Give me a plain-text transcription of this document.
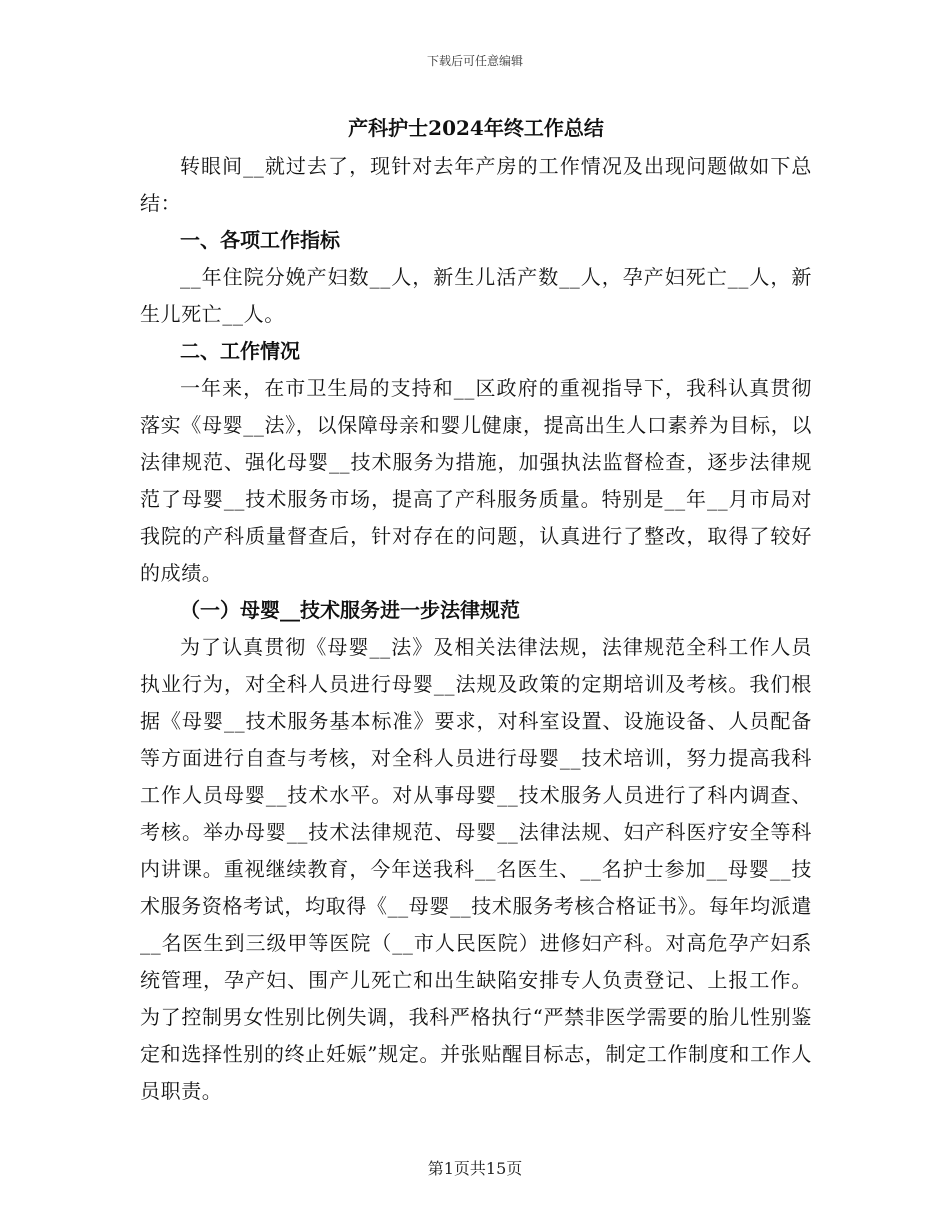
下载后可任意编辑
产科护士2024年终工作总结

转眼间__就过去了，现针对去年产房的工作情况及出现问题做如下总结：

一、各项工作指标

__年住院分娩产妇数__人，新生儿活产数__人，孕产妇死亡__人，新生儿死亡__人。

二、工作情况

一年来，在市卫生局的支持和__区政府的重视指导下，我科认真贯彻落实《母婴__法》，以保障母亲和婴儿健康，提高出生人口素养为目标，以法律规范、强化母婴__技术服务为措施，加强执法监督检查，逐步法律规范了母婴__技术服务市场，提高了产科服务质量。特别是__年__月市局对我院的产科质量督查后，针对存在的问题，认真进行了整改，取得了较好的成绩。

（一）母婴__技术服务进一步法律规范

为了认真贯彻《母婴__法》及相关法律法规，法律规范全科工作人员执业行为，对全科人员进行母婴__法规及政策的定期培训及考核。我们根据《母婴__技术服务基本标准》要求，对科室设置、设施设备、人员配备等方面进行自查与考核，对全科人员进行母婴__技术培训，努力提高我科工作人员母婴__技术水平。对从事母婴__技术服务人员进行了科内调查、考核。举办母婴__技术法律规范、母婴__法律法规、妇产科医疗安全等科内讲课。重视继续教育，今年送我科__名医生、__名护士参加__母婴__技术服务资格考试，均取得《__母婴__技术服务考核合格证书》。每年均派遣__名医生到三级甲等医院（__市人民医院）进修妇产科。对高危孕产妇系统管理，孕产妇、围产儿死亡和出生缺陷安排专人负责登记、上报工作。为了控制男女性别比例失调，我科严格执行“严禁非医学需要的胎儿性别鉴定和选择性别的终止妊娠”规定。并张贴醒目标志，制定工作制度和工作人员职责。

第1页共15页
